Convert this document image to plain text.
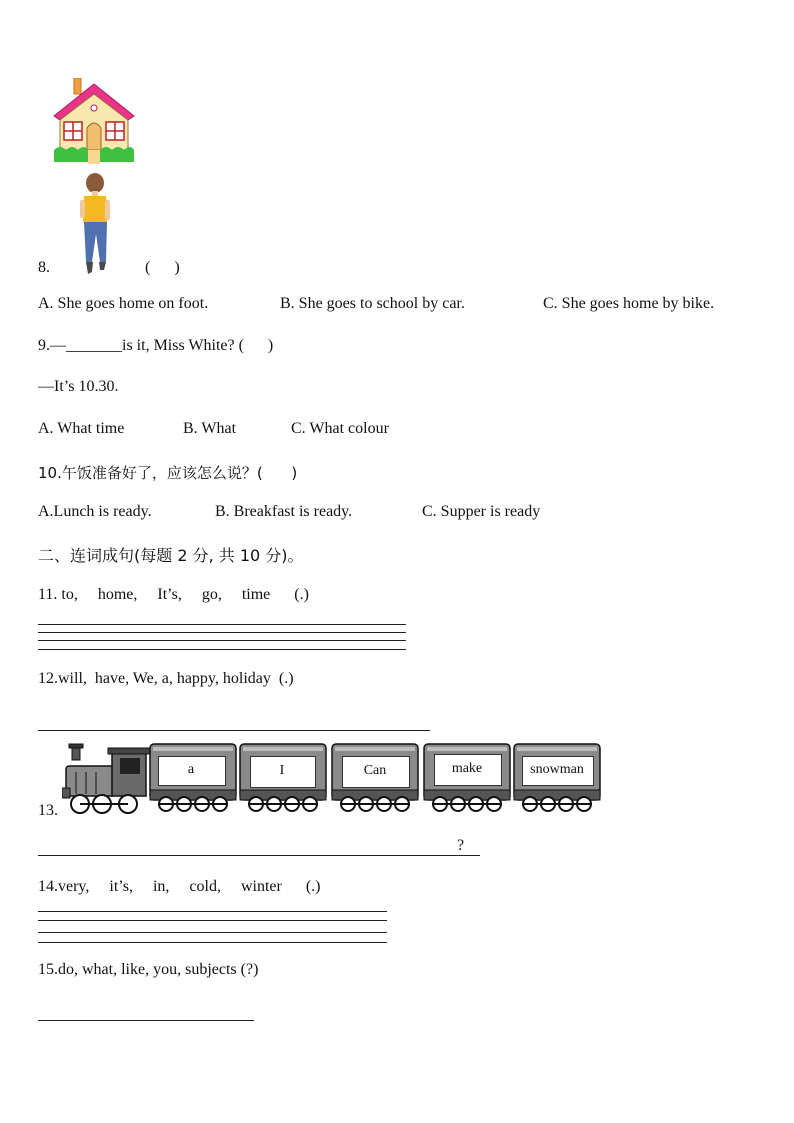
8.	(      )
A. She goes home on foot.	B. She goes to school by car.	C. She goes home by bike.
9.—_______is it, Miss White? (      )
—It’s 10.30.
A. What time	B. What	C. What colour
10.午饭准备好了，应该怎么说？(      )
A.Lunch is ready.	B. Breakfast is ready.	C. Supper is ready
二、连词成句(每题 2 分, 共 10 分)。
11. to,     home,     It’s,     go,     time      (.)
12.will,  have, We, a, happy, holiday  (.)
13.
a	I	Can	make	snowman
?
14.very,     it’s,     in,     cold,     winter      (.)
15.do, what, like, you, subjects (?)
